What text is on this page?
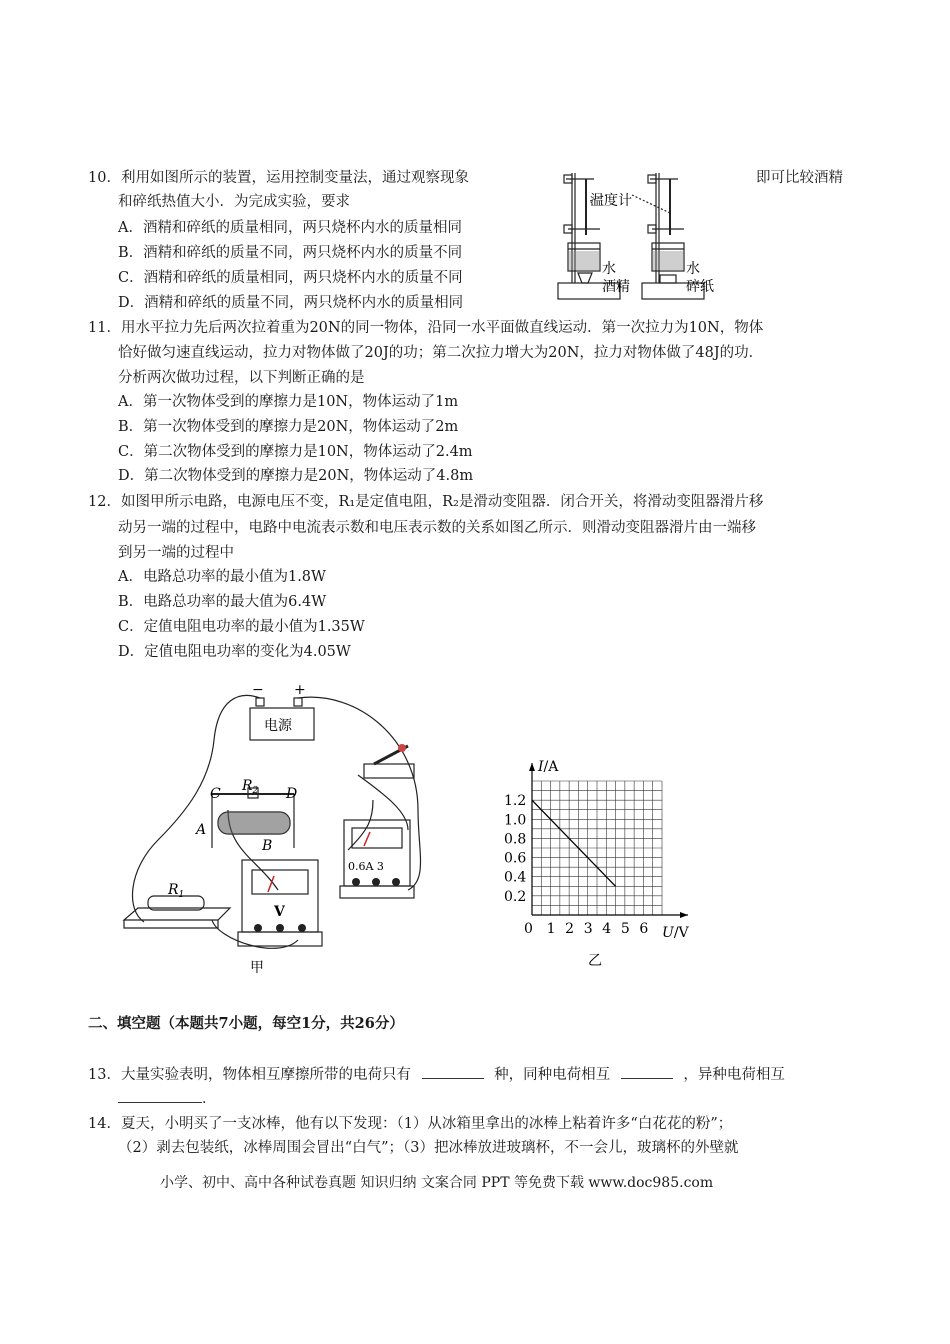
10．利用如图所示的装置，运用控制变量法，通过观察现象	即可比较酒精
和碎纸热值大小．为完成实验，要求
A．酒精和碎纸的质量相同，两只烧杯内水的质量相同
B．酒精和碎纸的质量不同，两只烧杯内水的质量不同
C．酒精和碎纸的质量相同，两只烧杯内水的质量不同
D．酒精和碎纸的质量不同，两只烧杯内水的质量相同
温度计
水
酒精
水
碎纸
11．用水平拉力先后两次拉着重为20N的同一物体，沿同一水平面做直线运动．第一次拉力为10N，物体
恰好做匀速直线运动，拉力对物体做了20J的功；第二次拉力增大为20N，拉力对物体做了48J的功．
分析两次做功过程，以下判断正确的是
A．第一次物体受到的摩擦力是10N，物体运动了1m
B．第一次物体受到的摩擦力是20N，物体运动了2m
C．第二次物体受到的摩擦力是10N，物体运动了2.4m
D．第二次物体受到的摩擦力是20N，物体运动了4.8m
12．如图甲所示电路，电源电压不变，R₁是定值电阻，R₂是滑动变阻器．闭合开关，将滑动变阻器滑片移
动另一端的过程中，电路中电流表示数和电压表示数的关系如图乙所示．则滑动变阻器滑片由一端移
到另一端的过程中
A．电路总功率的最小值为1.8W
B．电路总功率的最大值为6.4W
C．定值电阻电功率的最小值为1.35W
D．定值电阻电功率的变化为4.05W
− +
电源
$R_2$
C	D
A
B
$R_1$
V
0.6A 3
甲
0 1 2 3 4 5 6
0.2
0.4
0.6
0.8
1.0
1.2
I/A
U/V
乙
二、填空题（本题共7小题，每空1分，共26分）
13．大量实验表明，物体相互摩擦所带的电荷只有	种，同种电荷相互	，异种电荷相互
．
14．夏天，小明买了一支冰棒，他有以下发现：（1）从冰箱里拿出的冰棒上粘着许多“白花花的粉”；
（2）剥去包装纸，冰棒周围会冒出“白气”；（3）把冰棒放进玻璃杯，不一会儿，玻璃杯的外壁就
小学、初中、高中各种试卷真题 知识归纳 文案合同 PPT 等免费下载 www.doc985.com
